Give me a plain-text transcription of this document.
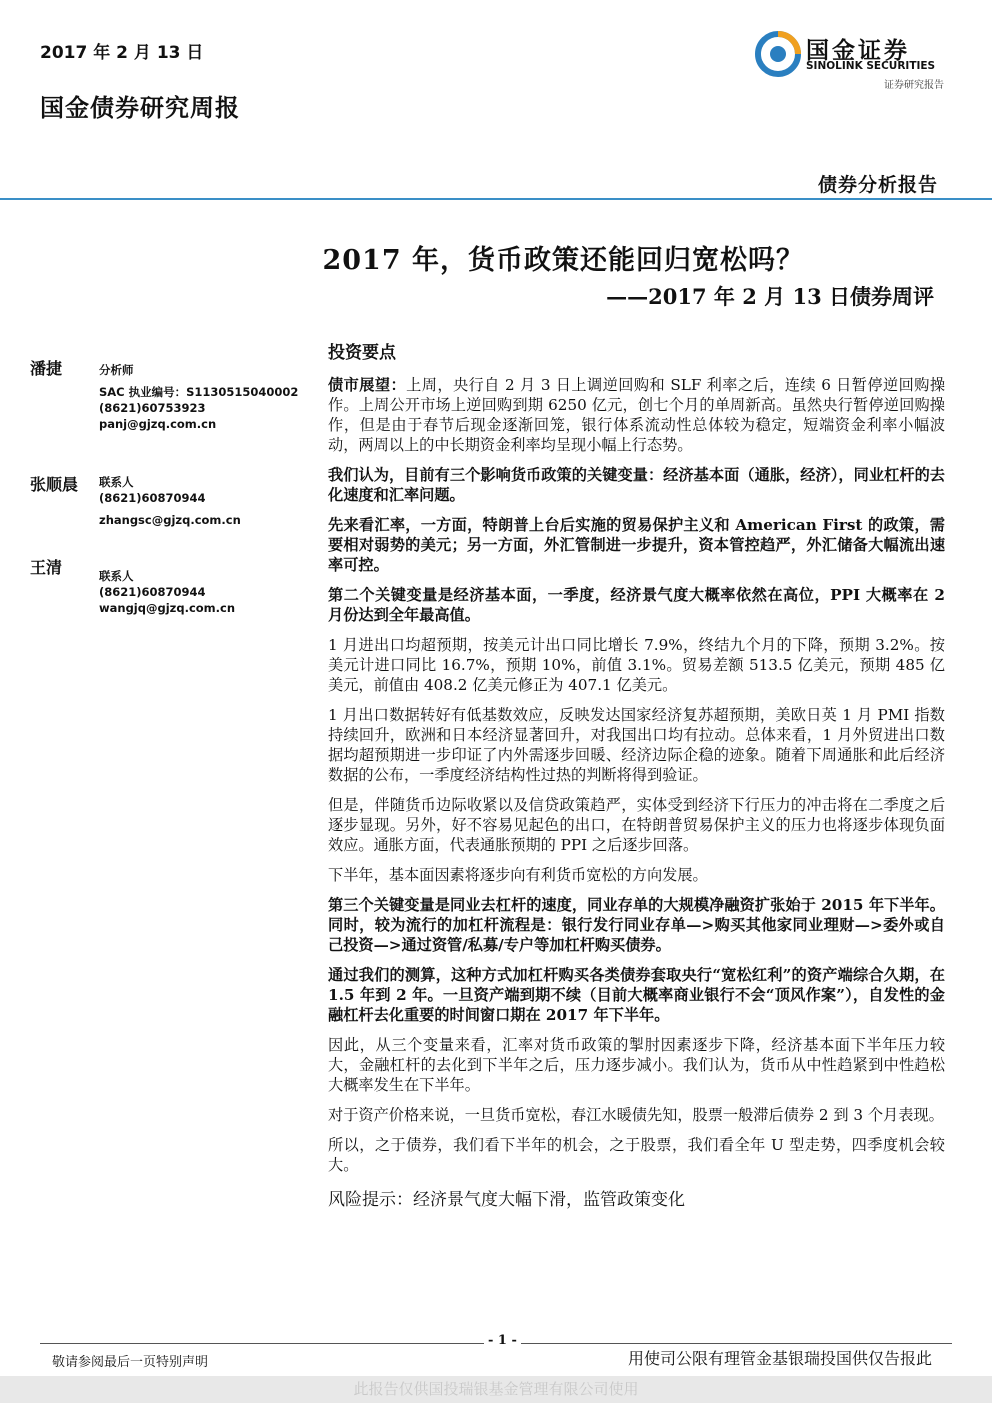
2017 年 2 月 13 日
国金债券研究周报
国金证券
SINOLINK SECURITIES
证券研究报告
债券分析报告
2017 年，货币政策还能回归宽松吗？
——2017 年 2 月 13 日债券周评
潘捷	分析师
SAC 执业编号：S1130515040002
(8621)60753923
panj@gjzq.com.cn
张顺晨 联系人
(8621)60870944
zhangsc@gjzq.com.cn
王清	联系人
(8621)60870944
wangjq@gjzq.com.cn
投资要点

债市展望：上周，央行自 2 月 3 日上调逆回购和 SLF 利率之后，连续 6 日暂停逆回购操作。上周公开市场上逆回购到期 6250 亿元，创七个月的单周新高。虽然央行暂停逆回购操作，但是由于春节后现金逐渐回笼，银行体系流动性总体较为稳定，短端资金利率小幅波动，两周以上的中长期资金利率均呈现小幅上行态势。

我们认为，目前有三个影响货币政策的关键变量：经济基本面（通胀，经济），同业杠杆的去化速度和汇率问题。

先来看汇率，一方面，特朗普上台后实施的贸易保护主义和 American First 的政策，需要相对弱势的美元；另一方面，外汇管制进一步提升，资本管控趋严，外汇储备大幅流出速率可控。

第二个关键变量是经济基本面，一季度，经济景气度大概率依然在高位，PPI 大概率在 2 月份达到全年最高值。

1 月进出口均超预期，按美元计出口同比增长 7.9%，终结九个月的下降，预期 3.2%。按美元计进口同比 16.7%，预期 10%，前值 3.1%。贸易差额 513.5 亿美元，预期 485 亿美元，前值由 408.2 亿美元修正为 407.1 亿美元。

1 月出口数据转好有低基数效应，反映发达国家经济复苏超预期，美欧日英 1 月 PMI 指数持续回升，欧洲和日本经济显著回升，对我国出口均有拉动。总体来看，1 月外贸进出口数据均超预期进一步印证了内外需逐步回暖、经济边际企稳的迹象。随着下周通胀和此后经济数据的公布，一季度经济结构性过热的判断将得到验证。

但是，伴随货币边际收紧以及信贷政策趋严，实体受到经济下行压力的冲击将在二季度之后逐步显现。另外，好不容易见起色的出口，在特朗普贸易保护主义的压力也将逐步体现负面效应。通胀方面，代表通胀预期的 PPI 之后逐步回落。

下半年，基本面因素将逐步向有利货币宽松的方向发展。

第三个关键变量是同业去杠杆的速度，同业存单的大规模净融资扩张始于 2015 年下半年。同时，较为流行的加杠杆流程是：银行发行同业存单—>购买其他家同业理财—>委外或自己投资—>通过资管/私募/专户等加杠杆购买债券。

通过我们的测算，这种方式加杠杆购买各类债券套取央行“宽松红利”的资产端综合久期，在 1.5 年到 2 年。一旦资产端到期不续（目前大概率商业银行不会“顶风作案”），自发性的金融杠杆去化重要的时间窗口期在 2017 年下半年。

因此，从三个变量来看，汇率对货币政策的掣肘因素逐步下降，经济基本面下半年压力较大，金融杠杆的去化到下半年之后，压力逐步减小。我们认为，货币从中性趋紧到中性趋松大概率发生在下半年。

对于资产价格来说，一旦货币宽松，春江水暖债先知，股票一般滞后债券 2 到 3 个月表现。

所以，之于债券，我们看下半年的机会，之于股票，我们看全年 U 型走势，四季度机会较大。

风险提示：经济景气度大幅下滑，监管政策变化
- 1 -
敬请参阅最后一页特别声明	用使司公限有理管金基银瑞投国供仅告报此
此报告仅供国投瑞银基金管理有限公司使用
